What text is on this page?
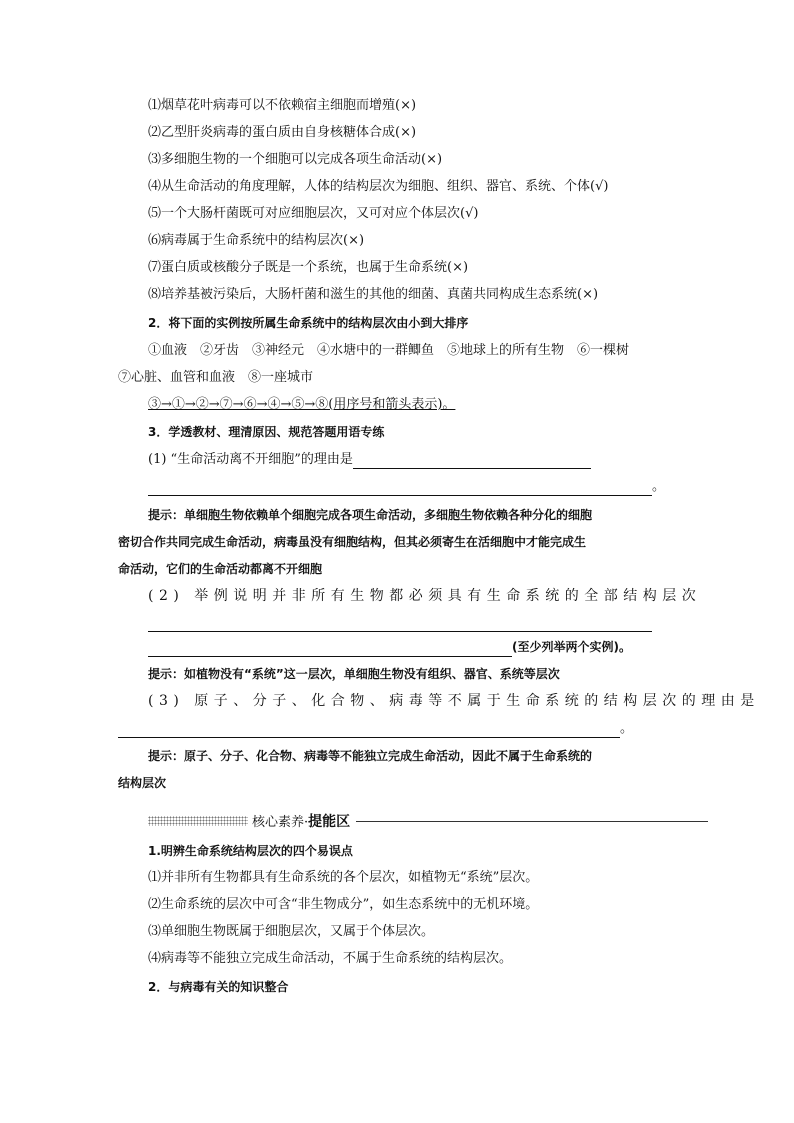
⑴烟草花叶病毒可以不依赖宿主细胞而增殖(×)
⑵乙型肝炎病毒的蛋白质由自身核糖体合成(×)
⑶多细胞生物的一个细胞可以完成各项生命活动(×)
⑷从生命活动的角度理解，人体的结构层次为细胞、组织、器官、系统、个体(√)
⑸一个大肠杆菌既可对应细胞层次，又可对应个体层次(√)
⑹病毒属于生命系统中的结构层次(×)
⑺蛋白质或核酸分子既是一个系统，也属于生命系统(×)
⑻培养基被污染后，大肠杆菌和滋生的其他的细菌、真菌共同构成生态系统(×)
2．将下面的实例按所属生命系统中的结构层次由小到大排序
①血液　②牙齿　③神经元　④水塘中的一群鲫鱼　⑤地球上的所有生物　⑥一棵树
⑦心脏、血管和血液　⑧一座城市
③→①→②→⑦→⑥→④→⑤→⑧(用序号和箭头表示)。
3．学透教材、理清原因、规范答题用语专练
(1) “生命活动离不开细胞”的理由是
。
提示：单细胞生物依赖单个细胞完成各项生命活动，多细胞生物依赖各种分化的细胞
密切合作共同完成生命活动，病毒虽没有细胞结构，但其必须寄生在活细胞中才能完成生
命活动，它们的生命活动都离不开细胞
(2) 举例说明并非所有生物都必须具有生命系统的全部结构层次
(至少列举两个实例)。
提示：如植物没有“系统”这一层次，单细胞生物没有组织、器官、系统等层次
(3) 原子、分子、化合物、病毒等不属于生命系统的结构层次的理由是
。
提示：原子、分子、化合物、病毒等不能独立完成生命活动，因此不属于生命系统的
结构层次
核心素养·提能区
1.明辨生命系统结构层次的四个易误点
⑴并非所有生物都具有生命系统的各个层次，如植物无“系统”层次。
⑵生命系统的层次中可含“非生物成分”，如生态系统中的无机环境。
⑶单细胞生物既属于细胞层次，又属于个体层次。
⑷病毒等不能独立完成生命活动，不属于生命系统的结构层次。
2．与病毒有关的知识整合
